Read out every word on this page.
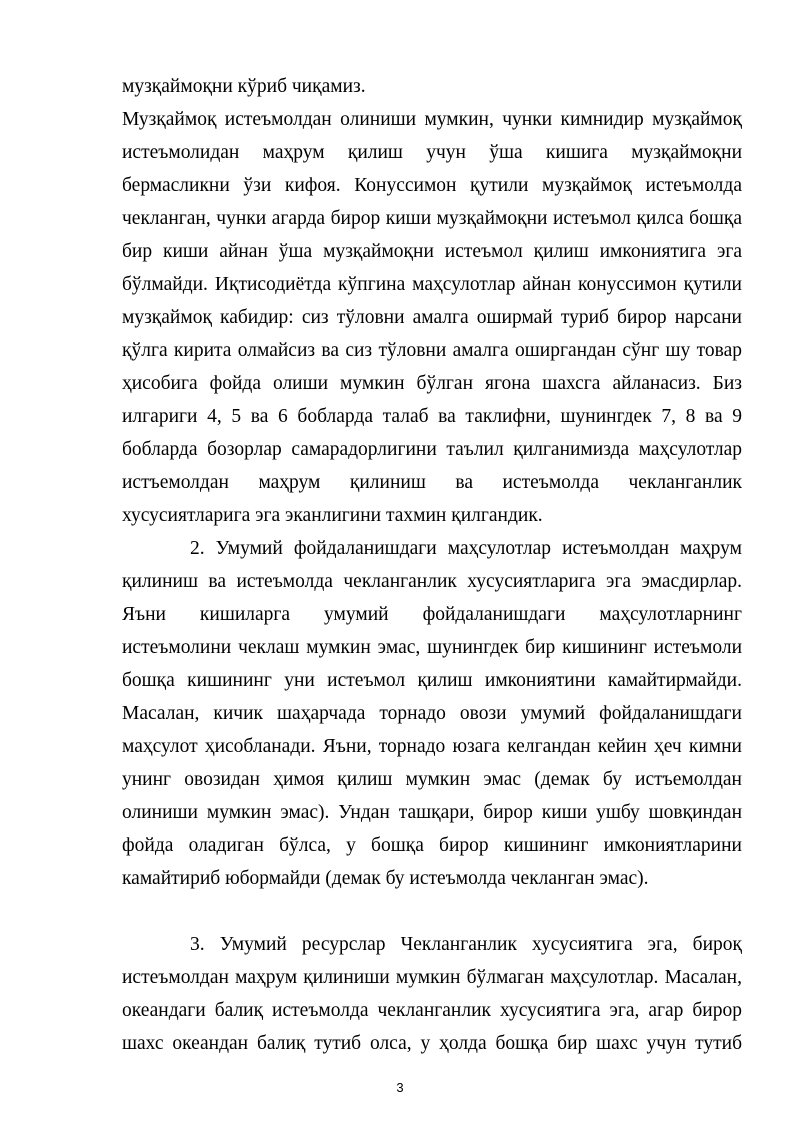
музқаймоқни кўриб чиқамиз.
Музқаймоқ истеъмолдан олиниши мумкин, чунки кимнидир музқаймоқ
истеъмолидан маҳрум қилиш учун ўша кишига музқаймоқни
бермасликни ўзи кифоя. Конуссимон қутили музқаймоқ истеъмолда
чекланган, чунки агарда бирор киши музқаймоқни истеъмол қилса бошқа
бир киши айнан ўша музқаймоқни истеъмол қилиш имкониятига эга
бўлмайди. Иқтисодиётда кўпгина маҳсулотлар айнан конуссимон қутили
музқаймоқ кабидир: сиз тўловни амалга оширмай туриб бирор нарсани
қўлга кирита олмайсиз ва сиз тўловни амалга оширгандан сўнг шу товар
ҳисобига фойда олиши мумкин бўлган ягона шахсга айланасиз. Биз
илгариги 4, 5 ва 6 бобларда талаб ва таклифни, шунингдек 7, 8 ва 9
бобларда бозорлар самарадорлигини таълил қилганимизда маҳсулотлар
истъемолдан маҳрум қилиниш ва истеъмолда чекланганлик
хусусиятларига эга эканлигини тахмин қилгандик.
2. Умумий фойдаланишдаги маҳсулотлар истеъмолдан маҳрум
қилиниш ва истеъмолда чекланганлик хусусиятларига эга эмасдирлар.
Яъни кишиларга умумий фойдаланишдаги маҳсулотларнинг
истеъмолини чеклаш мумкин эмас, шунингдек бир кишининг истеъмоли
бошқа кишининг уни истеъмол қилиш имкониятини камайтирмайди.
Масалан, кичик шаҳарчада торнадо овози умумий фойдаланишдаги
маҳсулот ҳисобланади. Яъни, торнадо юзага келгандан кейин ҳеч кимни
унинг овозидан ҳимоя қилиш мумкин эмас (демак бу истъемолдан
олиниши мумкин эмас). Ундан ташқари, бирор киши ушбу шовқиндан
фойда оладиган бўлса, у бошқа бирор кишининг имкониятларини
камайтириб юбормайди (демак бу истеъмолда чекланган эмас).
3. Умумий ресурслар Чекланганлик хусусиятига эга, бироқ
истеъмолдан маҳрум қилиниши мумкин бўлмаган маҳсулотлар. Масалан,
океандаги балиқ истеъмолда чекланганлик хусусиятига эга, агар бирор
шахс океандан балиқ тутиб олса, у ҳолда бошқа бир шахс учун тутиб
3
